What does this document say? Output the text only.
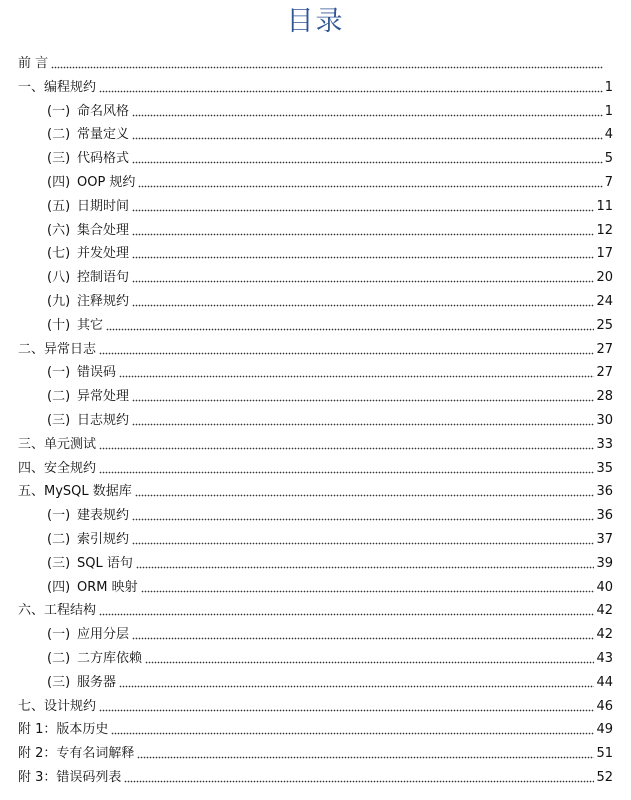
目录
前 言
一、编程规约	1
(一) 命名风格	1
(二) 常量定义	4
(三) 代码格式	5
(四) OOP 规约	7
(五) 日期时间	11
(六) 集合处理	12
(七) 并发处理	17
(八) 控制语句	20
(九) 注释规约	24
(十) 其它	25
二、异常日志	27
(一) 错误码	27
(二) 异常处理	28
(三) 日志规约	30
三、单元测试	33
四、安全规约	35
五、MySQL 数据库	36
(一) 建表规约	36
(二) 索引规约	37
(三) SQL 语句	39
(四) ORM 映射	40
六、工程结构	42
(一) 应用分层	42
(二) 二方库依赖	43
(三) 服务器	44
七、设计规约	46
附 1：版本历史	49
附 2：专有名词解释	51
附 3：错误码列表	52
